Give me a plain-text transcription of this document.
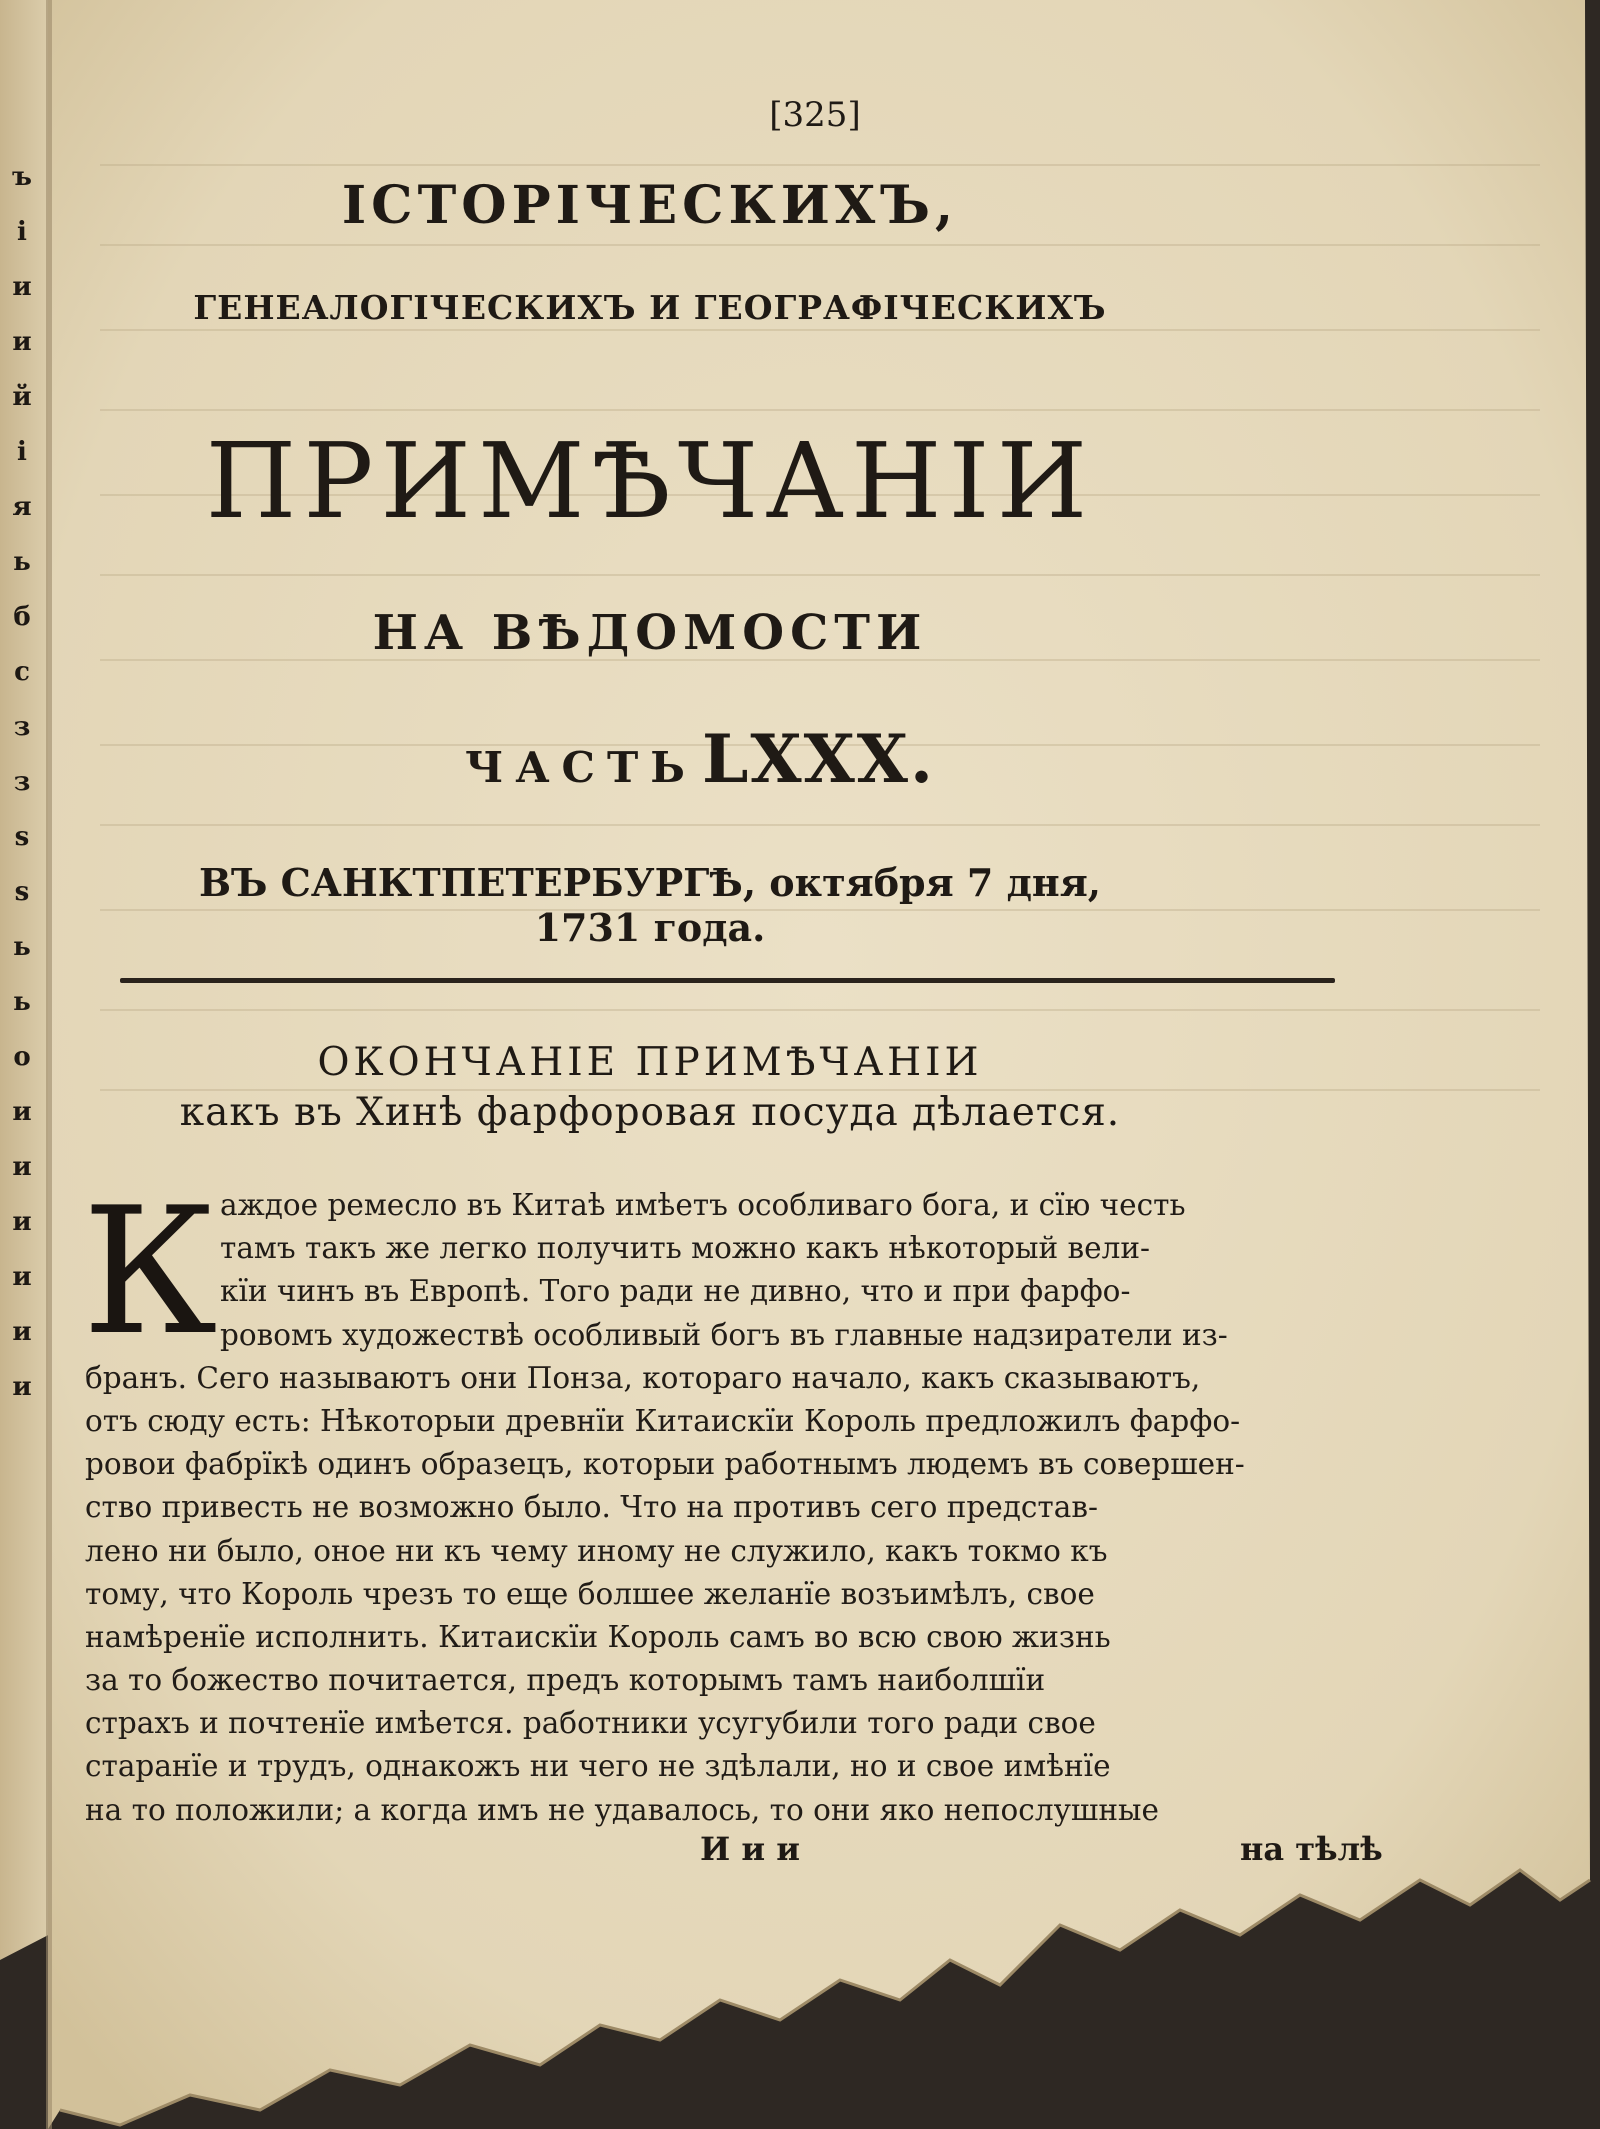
ъ
i
и
и
й
i
я
ь
б
с
з
з
s
s
ь
ь
о
и
и
и
и
и
и
[325]
ІСТОРІЧЕСКИХЪ,
ГЕНЕАЛОГІЧЕСКИХЪ И ГЕОГРАФІЧЕСКИХЪ
ПРИМѢЧАНІИ
НА ВѢДОМОСТИ
ЧАСТЬ LXXX.
ВЪ САНКТПЕТЕРБУРГѢ, октября 7 дня, 1731 года.
ОКОНЧАНІЕ ПРИМѢЧАНІИ
какъ въ Хинѣ фарфоровая посуда дѣлается.
К аждое ремесло въ Китаѣ имѣетъ особливаго бога, и сїю честь
тамъ такъ же легко получить можно какъ нѣкоторый вели-
кїи чинъ въ Европѣ. Того ради не дивно, что и при фарфо-
ровомъ художествѣ особливый богъ въ главные надзиратели из-
бранъ. Сего называютъ они Понза, котораго начало, какъ сказываютъ,
отъ сюду есть: Нѣкоторыи древнїи Китаискїи Король предложилъ фарфо-
ровои фабрїкѣ одинъ образецъ, которыи работнымъ людемъ въ совершен-
ство привесть не возможно было. Что на противъ сего представ-
лено ни было, оное ни къ чему иному не служило, какъ токмо къ
тому, что Король чрезъ то еще болшее желанїе возъимѣлъ, свое
намѣренїе исполнить. Китаискїи Король самъ во всю свою жизнь
за то божество почитается, предъ которымъ тамъ наиболшїи
страхъ и почтенїе имѣется. работники усугубили того ради свое
старанїе и трудъ, однакожъ ни чего не здѣлали, но и свое имѣнїе
на то положили; а когда имъ не удавалось, то они яко непослушные
И и и	на тѣлѣ
